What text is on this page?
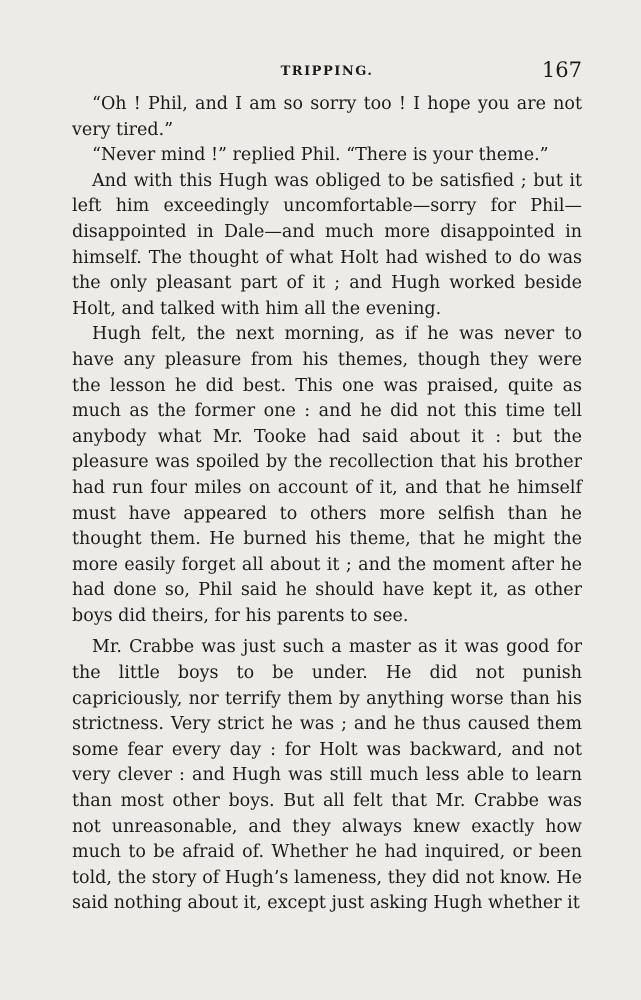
TRIPPING.	167

“Oh ! Phil, and I am so sorry too ! I hope you are not very tired.”

“Never mind !” replied Phil. “There is your theme.”

And with this Hugh was obliged to be satisfied ; but it left him exceedingly uncomfortable—sorry for Phil—disappointed in Dale—and much more disappointed in himself. The thought of what Holt had wished to do was the only pleasant part of it ; and Hugh worked beside Holt, and talked with him all the evening.

Hugh felt, the next morning, as if he was never to have any pleasure from his themes, though they were the lesson he did best. This one was praised, quite as much as the former one : and he did not this time tell anybody what Mr. Tooke had said about it : but the pleasure was spoiled by the recollection that his brother had run four miles on account of it, and that he himself must have appeared to others more selfish than he thought them. He burned his theme, that he might the more easily forget all about it ; and the moment after he had done so, Phil said he should have kept it, as other boys did theirs, for his parents to see.

Mr. Crabbe was just such a master as it was good for the little boys to be under. He did not punish capriciously, nor terrify them by anything worse than his strictness. Very strict he was ; and he thus caused them some fear every day : for Holt was backward, and not very clever : and Hugh was still much less able to learn than most other boys. But all felt that Mr. Crabbe was not unreasonable, and they always knew exactly how much to be afraid of. Whether he had inquired, or been told, the story of Hugh’s lameness, they did not know. He said nothing about it, except just asking Hugh whether it
